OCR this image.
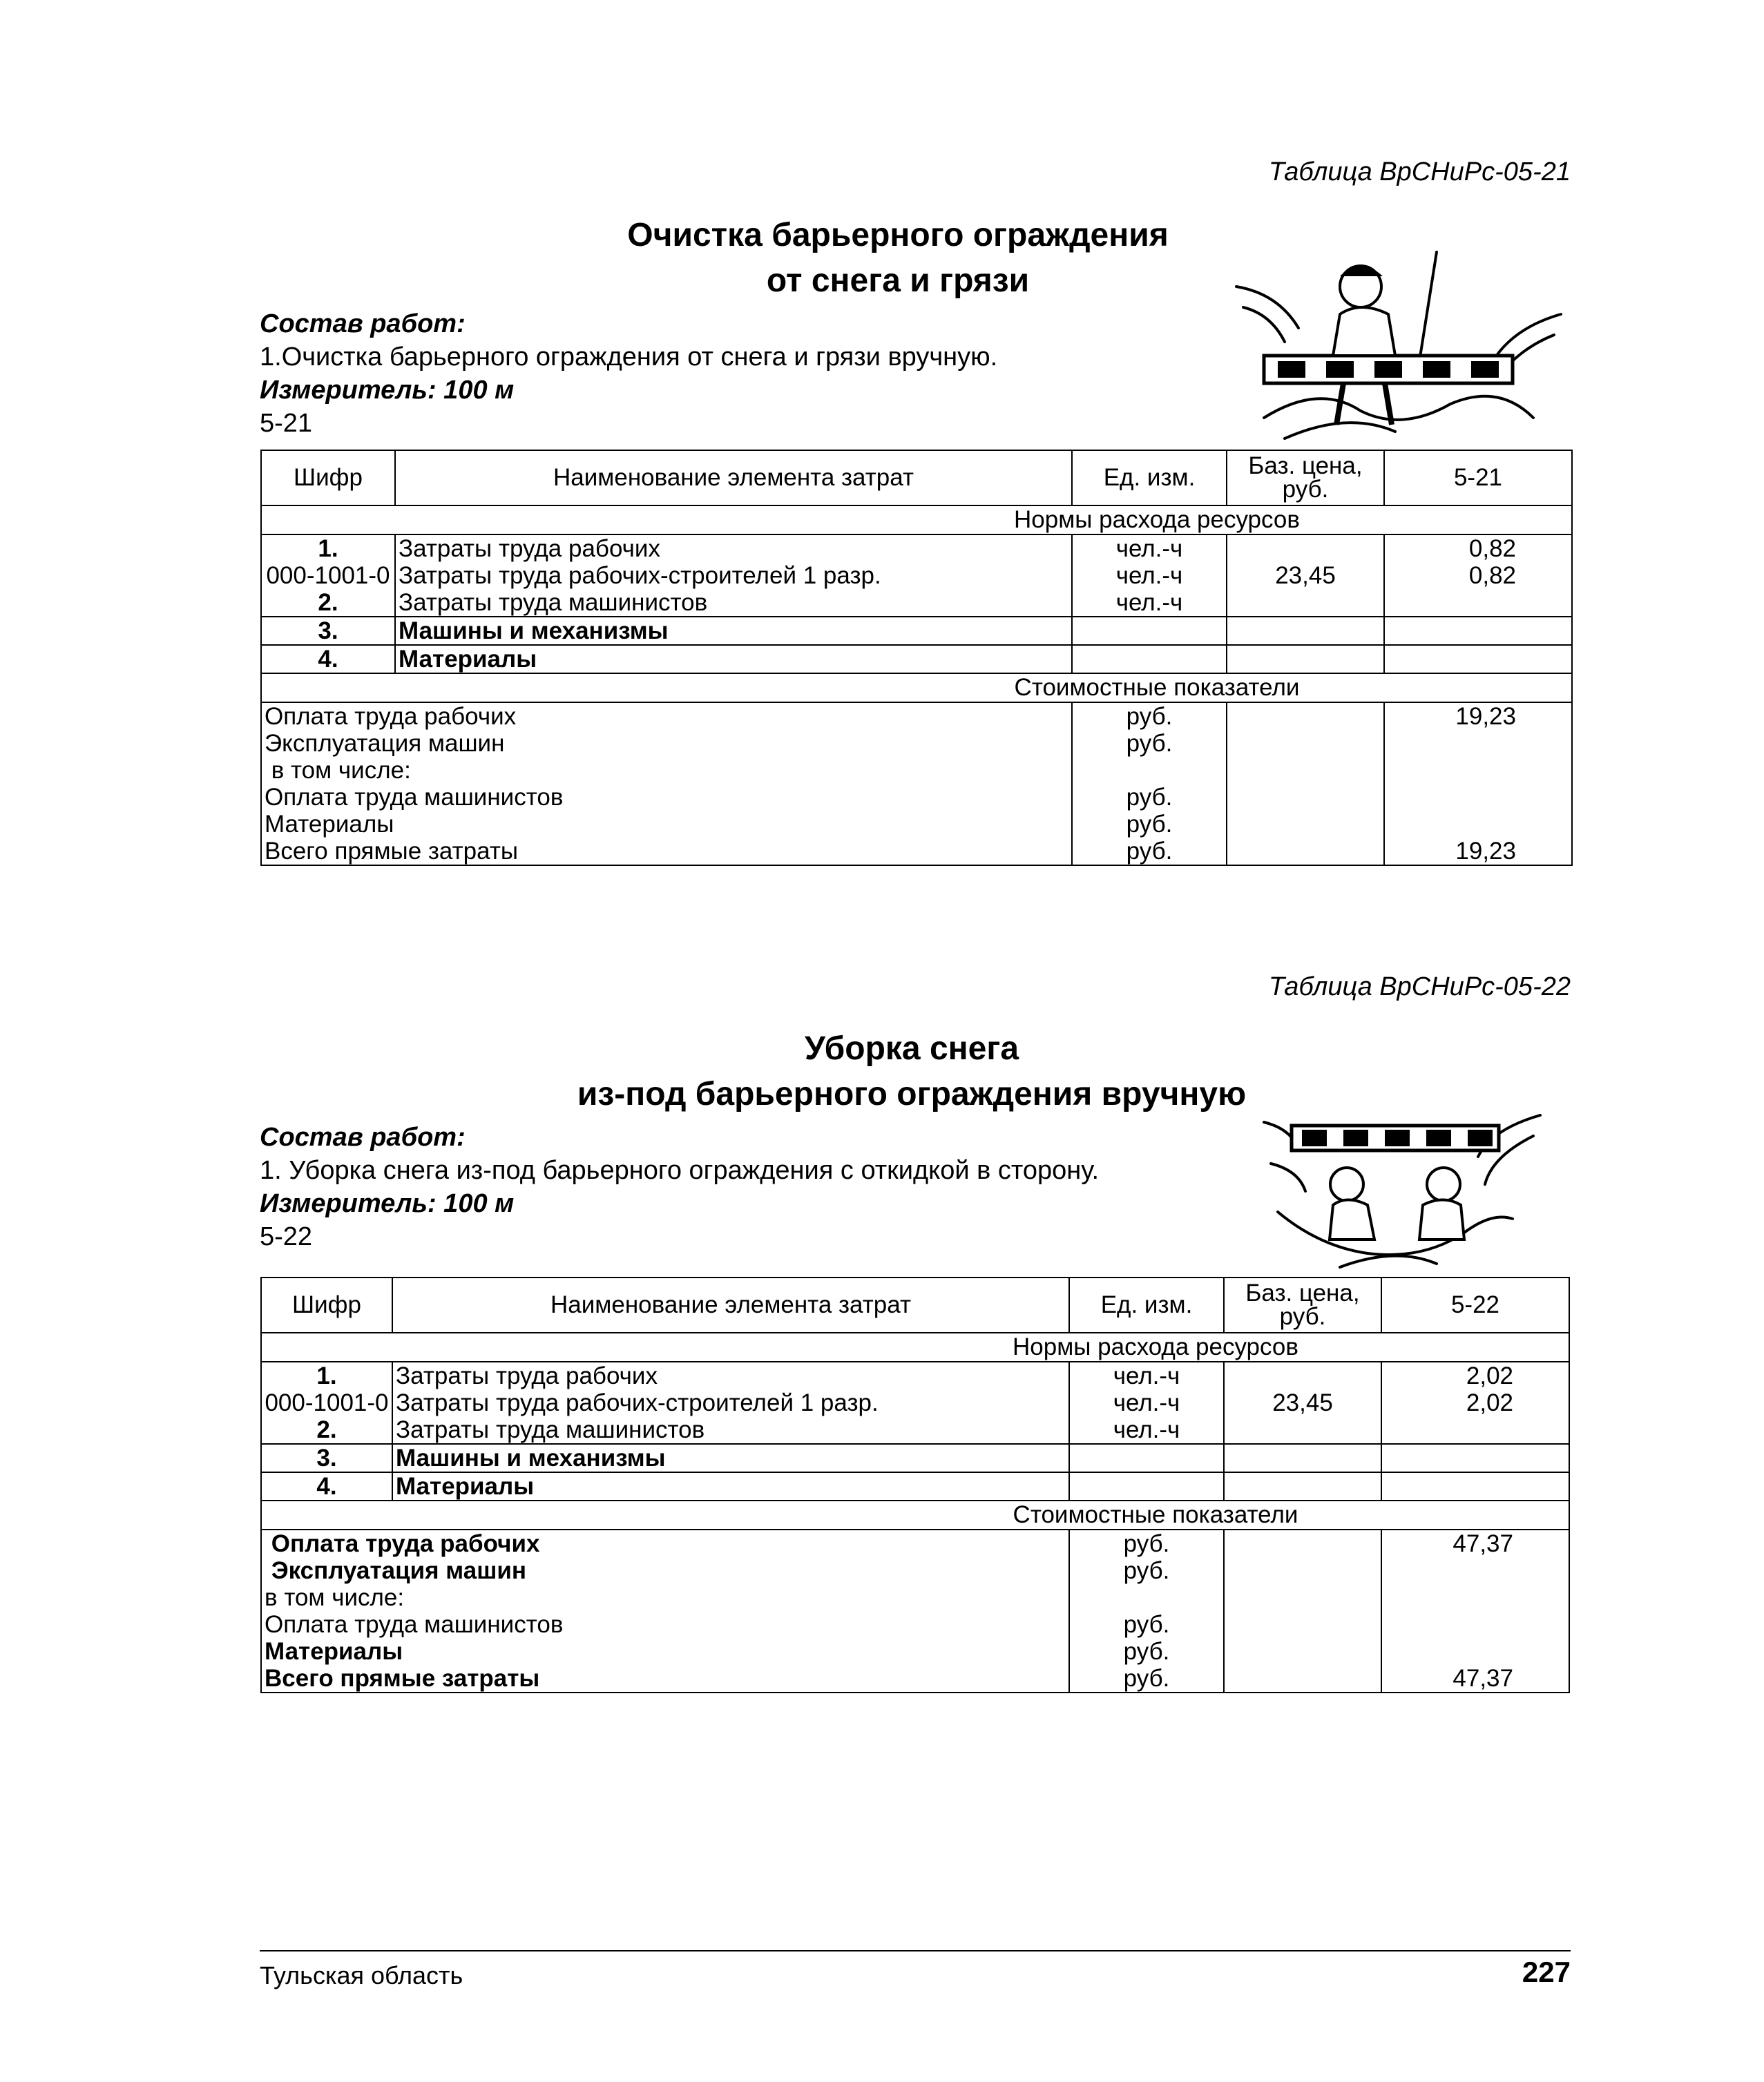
Таблица ВрСНиРс-05-21
Очистка барьерного ограждения
от снега и грязи
Состав работ:
1.Очистка барьерного ограждения от снега и грязи вручную.
Измеритель: 100 м
5-21
Шифр	Наименование элемента затрат	Ед. изм.	Баз. цена, руб.	5-21
Нормы расхода ресурсов				
1.	Затраты труда рабочих	чел.-ч		0,82
000-1001-0	Затраты труда рабочих-строителей 1 разр.	чел.-ч	23,45	0,82
2.	Затраты труда машинистов	чел.-ч		
3.	Машины и механизмы			
4.	Материалы			
Стоимостные показатели				
Оплата труда рабочих		руб.		19,23
Эксплуатация машин		руб.		
в том числе:				
Оплата труда машинистов		руб.		
Материалы		руб.		
Всего прямые затраты		руб.		19,23
Таблица ВрСНиРс-05-22
Уборка снега
из-под барьерного ограждения вручную
Состав работ:
1. Уборка снега из-под барьерного ограждения с откидкой в сторону.
Измеритель: 100 м
5-22
Шифр	Наименование элемента затрат	Ед. изм.	Баз. цена, руб.	5-22
Нормы расхода ресурсов				
1.	Затраты труда рабочих	чел.-ч		2,02
000-1001-0	Затраты труда рабочих-строителей 1 разр.	чел.-ч	23,45	2,02
2.	Затраты труда машинистов	чел.-ч		
3.	Машины и механизмы			
4.	Материалы			
Стоимостные показатели				
Оплата труда рабочих		руб.		47,37
Эксплуатация машин		руб.		
в том числе:				
Оплата труда машинистов		руб.		
Материалы		руб.		
Всего прямые затраты		руб.		47,37
Тульская область	227
